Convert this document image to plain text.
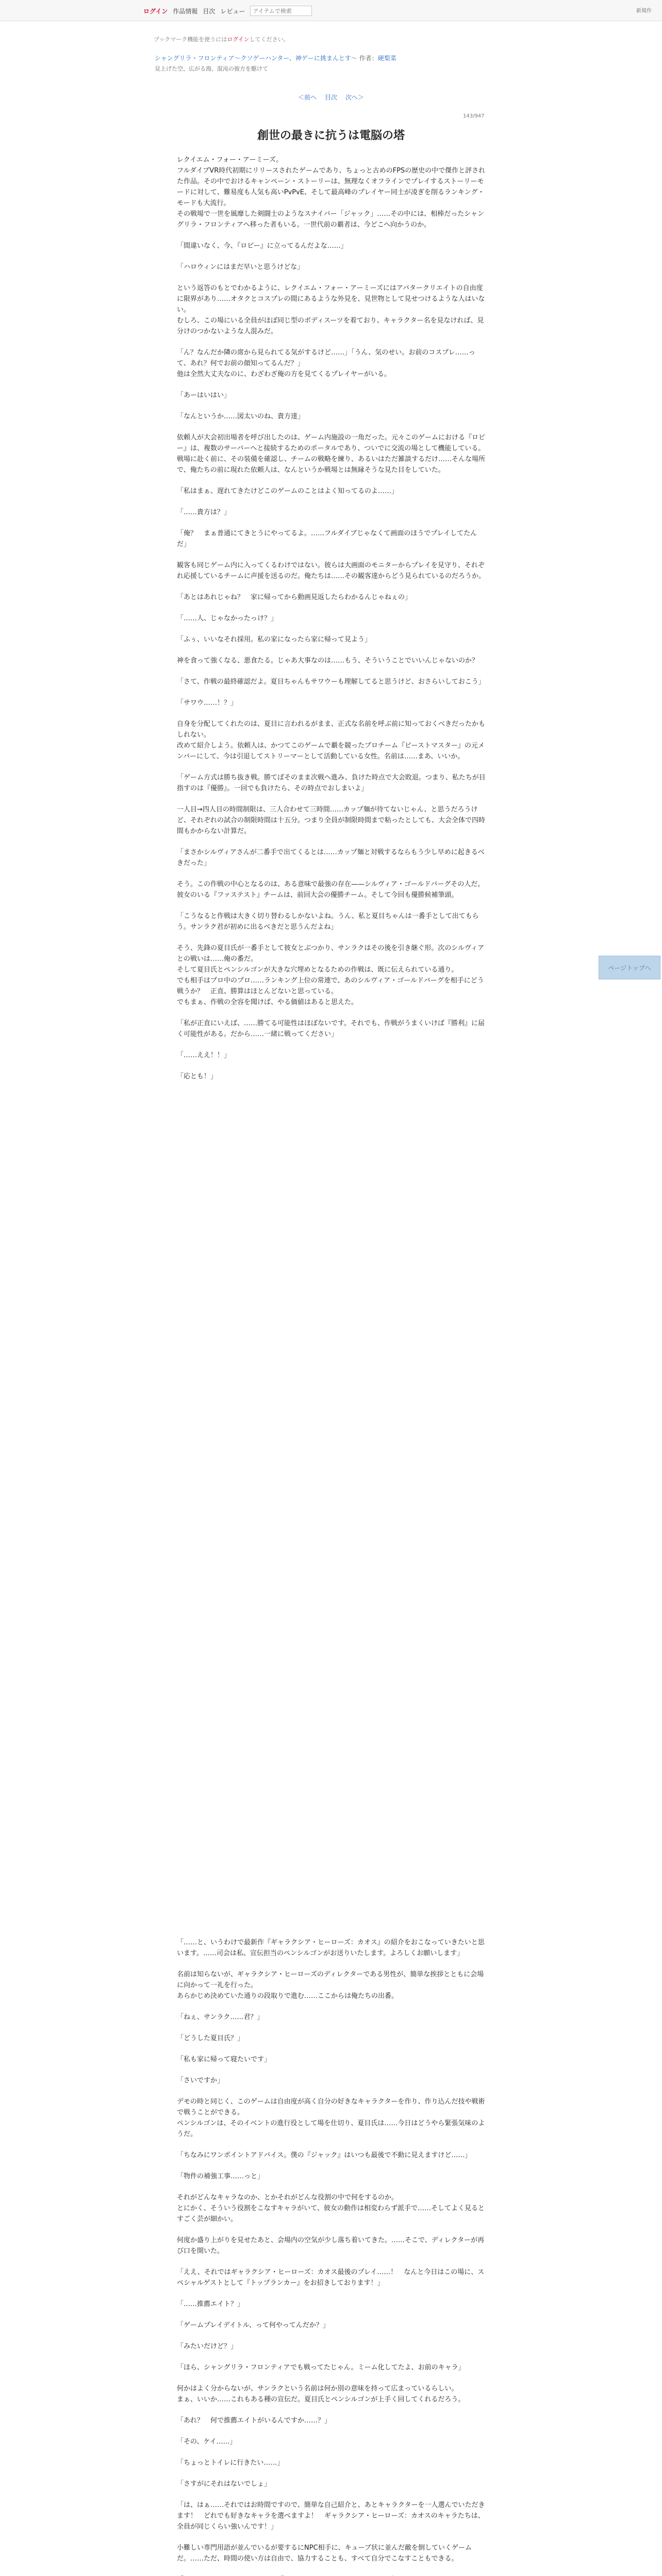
ログイン 作品情報 目次 レビュー
アイテムで検索	新規作
ブックマーク機能を使うにはログインしてください。
シャングリラ・フロンティア～クソゲーハンター、神ゲーに挑まんとす～ 作者：硬梨菜
見上げた空、広がる海、混沌の彼方を駆けて
＜前へ 目次 次へ＞
143/947
創世の最きに抗うは電脳の塔

レクイエム・フォー・アーミーズ。
フルダイブVR時代初期にリリースされたゲームであり、ちょっと古めのFPSの歴史の中で傑作と評された作品。その中でおけるキャンペーン・ストーリーは、無理なくオフラインでプレイするストーリーモードに対して、難易度も人気も高いPvPvE、そして最高峰のプレイヤー同士が凌ぎを削るランキング・モードも大流行。
その戦場で一世を風靡した剣闘士のようなスナイパー「ジャック」……その中には、相棒だったシャングリラ・フロンティアへ移った者もいる。一世代前の覇者は、今どこへ向かうのか。

「間違いなく、今、『ロビー』に立ってるんだよな……」

「ハロウィンにはまだ早いと思うけどな」

という返答のもとでわかるように、レクイエム・フォー・アーミーズにはアバタークリエイトの自由度に限界があり……オタクとコスプレの間にあるような外見を、見世物として見せつけるような人はいない。
むしろ、この場にいる全員がほぼ同じ型のボディスーツを着ており、キャラクター名を見なければ、見分けのつかないような人混みだ。

「ん？なんだか隣の席から見られてる気がするけど……」「うん、気のせい。お前のコスプレ……って、あれ？何でお前の顔知ってるんだ？」
他は全然大丈夫なのに、わざわざ俺の方を見てくるプレイヤーがいる。

「あーはいはい」

「なんというか……図太いのね、貴方達」

依頼人が大会初出場者を呼び出したのは、ゲーム内施設の一角だった。元々このゲームにおける『ロビー』は、複数のサーバーへと接続するためのポータルであり、ついでに交流の場として機能している。
戦場に赴く前に、その装備を確認し、チームの戦略を練り、あるいはただ雑談するだけ……そんな場所で、俺たちの前に現れた依頼人は、なんというか戦場とは無縁そうな見た目をしていた。

「私はまぁ、遅れてきたけどこのゲームのことはよく知ってるのよ……」

「……貴方は？」

「俺？　まぁ普通にてきとうにやってるよ。……フルダイブじゃなくて画面のほうでプレイしてたんだ」

観客も同じゲーム内に入ってくるわけではない。彼らは大画面のモニターからプレイを見守り、それぞれ応援しているチームに声援を送るのだ。俺たちは……その観客達からどう見られているのだろうか。

「あとはあれじゃね？　家に帰ってから動画見返したらわかるんじゃねぇの」

「……人、じゃなかったっけ？」

「ふぅ、いいなそれ採用。私の家になったら家に帰って見よう」

神を食って強くなる、悪食たる。じゃあ大事なのは……もう、そういうことでいいんじゃないのか？

「さて、作戦の最終確認だよ。夏目ちゃんもサワウーも理解してると思うけど、おさらいしておこう」

「サワウ……！？」

自身を分配してくれたのは、夏目に言われるがまま、正式な名前を呼ぶ前に知っておくべきだったかもしれない。
改めて紹介しよう。依頼人は、かつてこのゲームで覇を競ったプロチーム『ビーストマスター』の元メンバーにして、今は引退してストリーマーとして活動している女性。名前は……まあ、いいか。

「ゲーム方式は勝ち抜き戦。勝てばそのまま次戦へ進み、負けた時点で大会敗退。つまり、私たちが目指すのは『優勝』。一回でも負けたら、その時点でおしまいよ」

一人目→四人目の時間制限は、三人合わせて三時間……カップ麺が待てないじゃん、と思うだろうけど、それぞれの試合の制限時間は十五分。つまり全員が制限時間まで粘ったとしても、大会全体で四時間もかからない計算だ。

「まさかシルヴィアさんが二番手で出てくるとは……カップ麺と対戦するならもう少し早めに起きるべきだった」

そう。この作戦の中心となるのは、ある意味で最強の存在——シルヴィア・ゴールドバーグその人だ。
彼女のいる『ファステスト』チームは、前回大会の優勝チーム。そして今回も優勝候補筆頭。

「こうなると作戦は大きく切り替わるしかないよね。うん、私と夏目ちゃんは一番手として出てもらう。サンラク君が初めに出るべきだと思うんだよね」

そう、先鋒の夏目氏が一番手として彼女とぶつかり、サンラクはその後を引き継ぐ形。次のシルヴィアとの戦いは……俺の番だ。
そして夏目氏とペンシルゴンが大きな穴埋めとなるための作戦は、既に伝えられている通り。
でも相手はプロ中のプロ……ランキング上位の常連で、あのシルヴィア・ゴールドバーグを相手にどう戦うか？　正直、勝算はほとんどないと思っている。
でもまぁ、作戦の全容を聞けば、やる価値はあると思えた。

「私が正直にいえば、……勝てる可能性はほぼないです。それでも、作戦がうまくいけば『勝利』に届く可能性がある。だから……一緒に戦ってください」

「……ええ！！」

「応とも！」

ページトップへ

「……と、いうわけで最新作『ギャラクシア・ヒーローズ：カオス』の紹介をおこなっていきたいと思います。……司会は私、宣伝担当のペンシルゴンがお送りいたします。よろしくお願いします」

名前は知らないが、ギャラクシア・ヒーローズのディレクターである男性が、簡単な挨拶とともに会場に向かって一礼を行った。
あらかじめ決めていた通りの段取りで進む……ここからは俺たちの出番。

「ねぇ、サンラク……君？」

「どうした夏目氏？」

「私も家に帰って寝たいです」

「さいですか」

デモの時と同じく、このゲームは自由度が高く自分の好きなキャラクターを作り、作り込んだ技や戦術で戦うことができる。
ペンシルゴンは、そのイベントの進行役として場を仕切り、夏目氏は……今日はどうやら緊張気味のようだ。

「ちなみにワンポイントアドバイス。僕の『ジャック』はいつも最後で不動に見えますけど……」

「物件の補強工事……っと」

それがどんなキャラなのか、とかそれがどんな役割の中で何をするのか。
とにかく、そういう役割をこなすキャラがいて、彼女の動作は相変わらず派手で……そしてよく見るとすごく芸が細かい。

何度か盛り上がりを見せたあと、会場内の空気が少し落ち着いてきた。……そこで、ディレクターが再び口を開いた。

「ええ、それではギャラクシア・ヒーローズ：カオス最後のプレイ……！　なんと今日はこの場に、スペシャルゲストとして『トップランカー』をお招きしております！」

「……推薦エイト？」

「ゲームプレイデイトル、って何やってんだか？」

「みたいだけど？」

「ほら、シャングリラ・フロンティアでも戦ってたじゃん。ミーム化してたよ、お前のキャラ」

何かはよく分からないが、サンラクという名前は何か別の意味を持って広まっているらしい。
まぁ、いいか……これもある種の宣伝だ。夏目氏とペンシルゴンが上手く回してくれるだろう。

「あれ？　何で推薦エイトがいるんですか……？」

「その、ケイ……」

「ちょっとトイレに行きたい……」

「さすがにそれはないでしょ」

「は、はぁ……それではお時間ですので、簡単な自己紹介と、あとキャラクターを一人選んでいただきます！　どれでも好きなキャラを選べますよ！　ギャラクシア・ヒーローズ：カオスのキャラたちは、全員が同じくらい強いんです！」

小難しい専門用語が並んでいるが要するにNPC相手に、キューブ状に並んだ敵を倒していくゲームだ。……ただ、時間の使い方は自由で、協力することも、すべて自分でこなすこともできる。
